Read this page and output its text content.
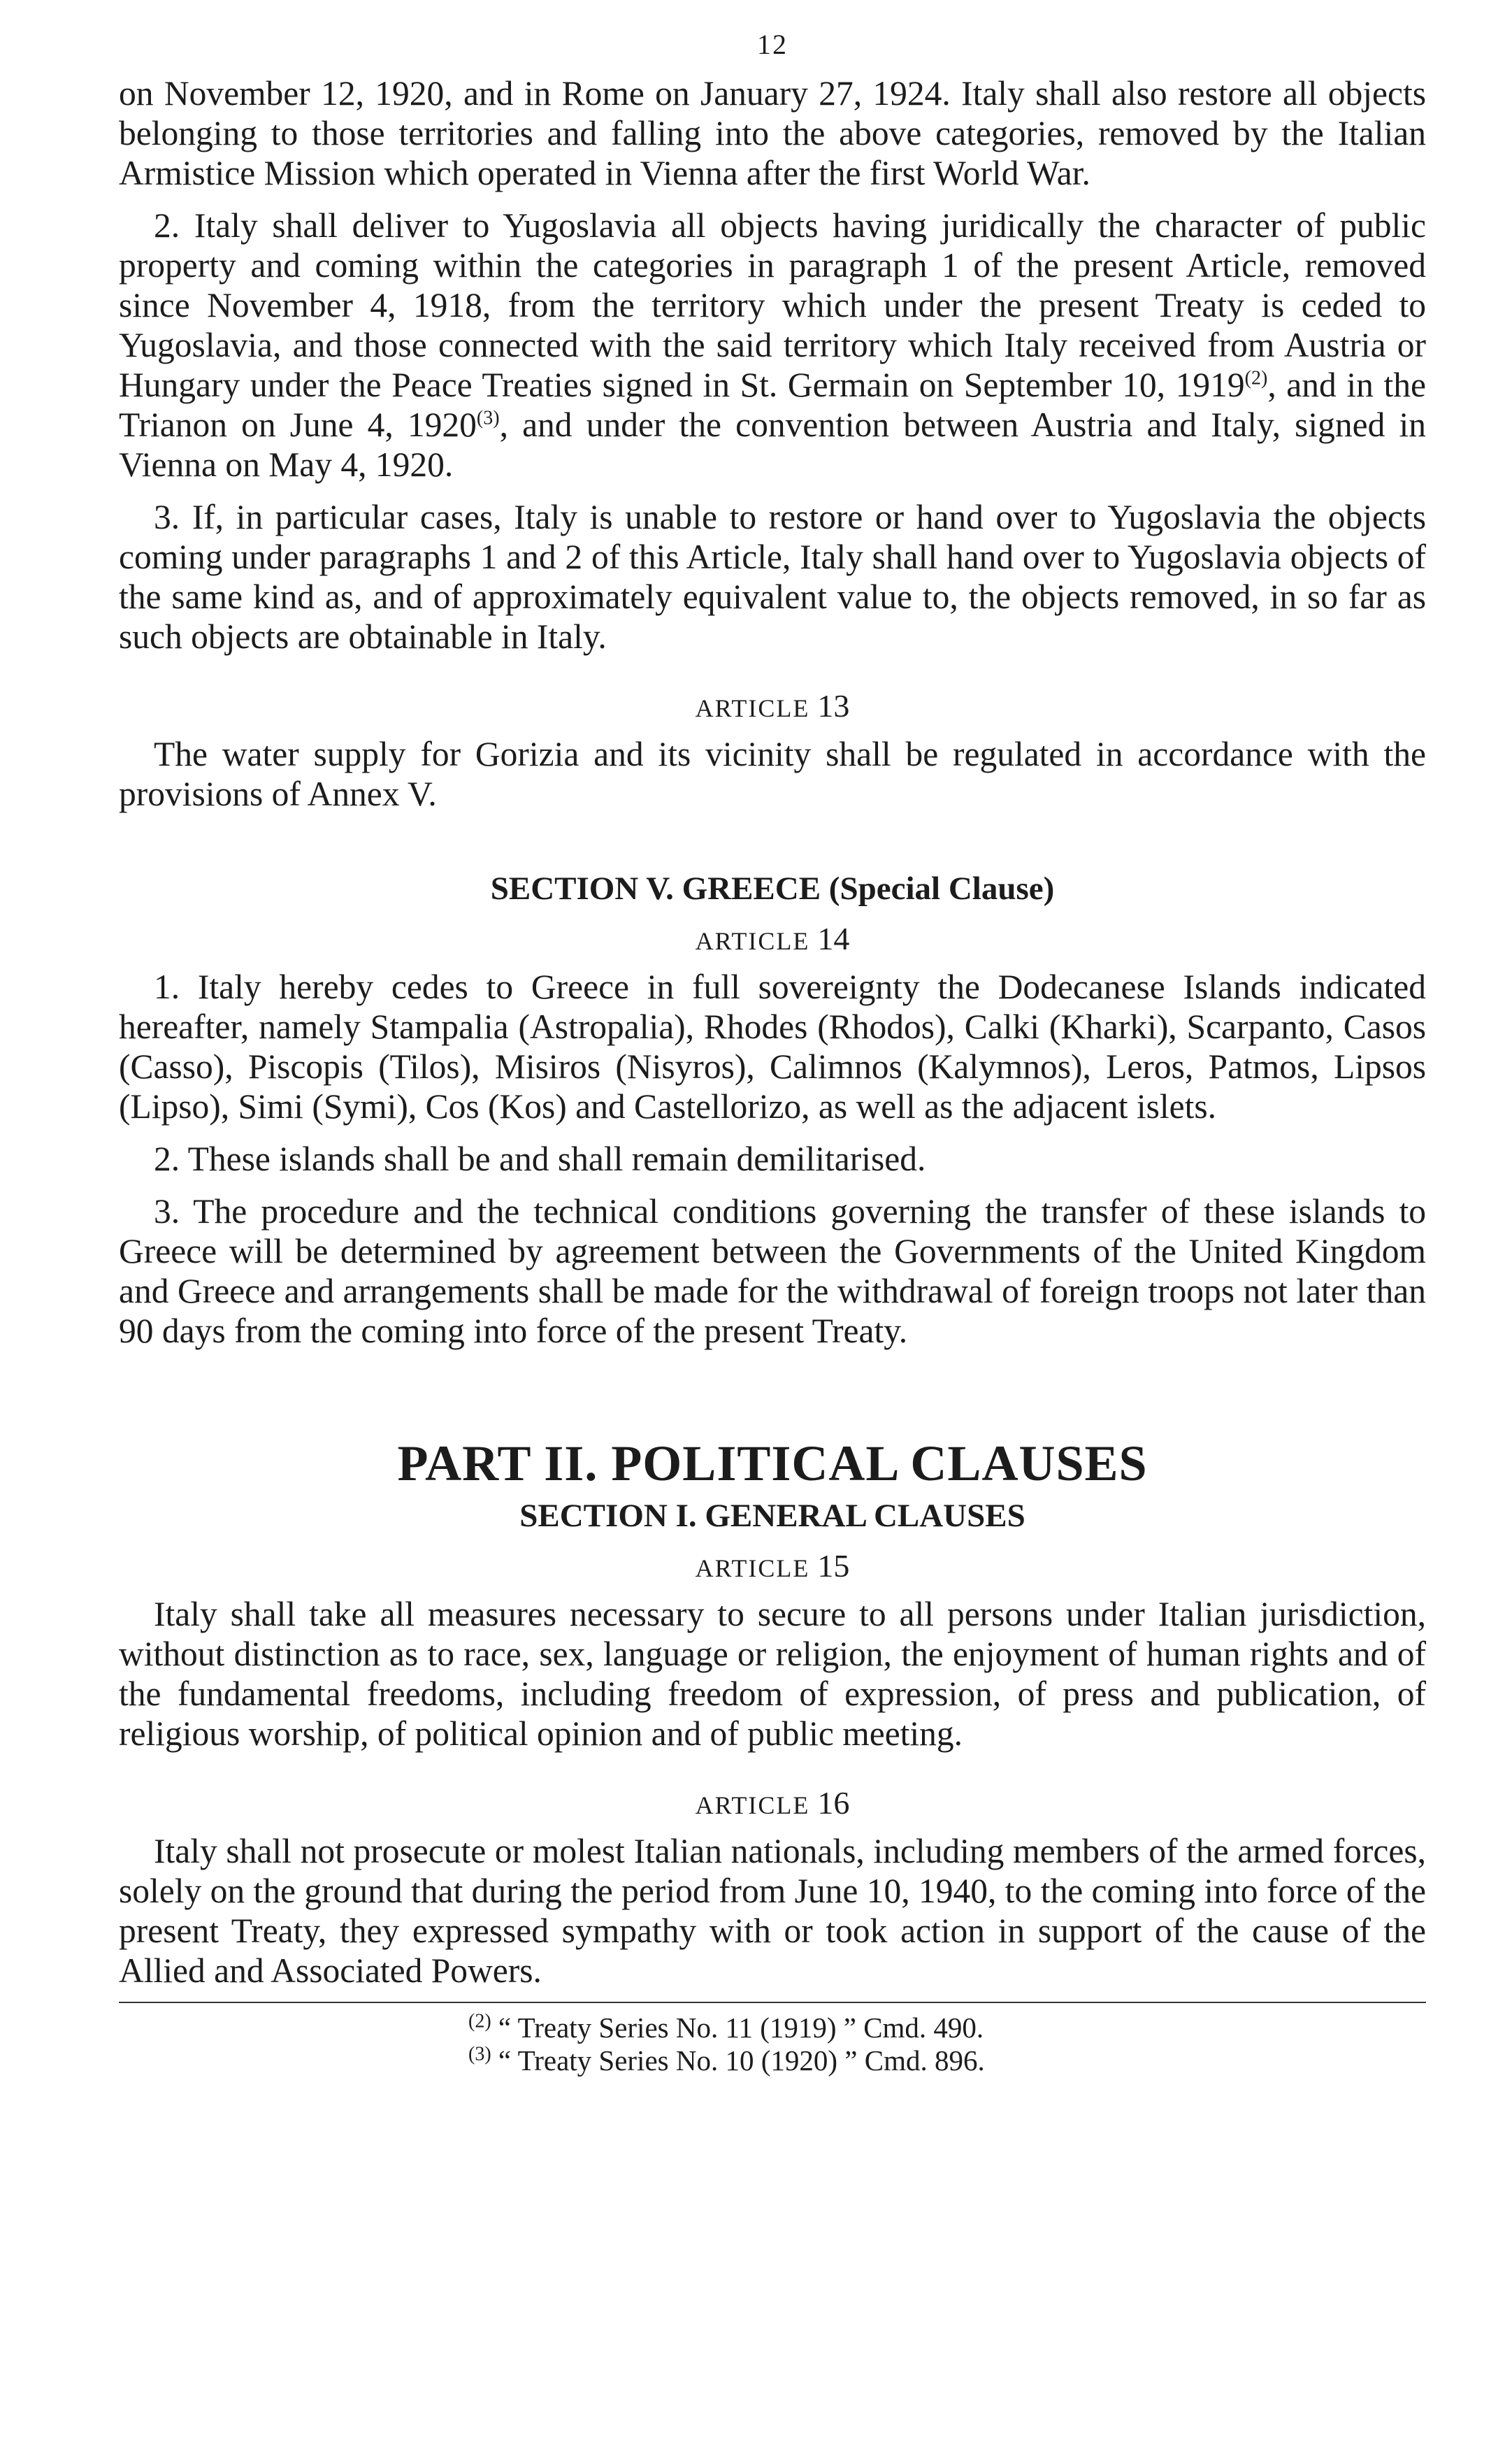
12

on November 12, 1920, and in Rome on January 27, 1924. Italy shall also restore all objects belonging to those territories and falling into the above categories, removed by the Italian Armistice Mission which operated in Vienna after the first World War.

2. Italy shall deliver to Yugoslavia all objects having juridically the character of public property and coming within the categories in paragraph 1 of the present Article, removed since November 4, 1918, from the territory which under the present Treaty is ceded to Yugoslavia, and those connected with the said territory which Italy received from Austria or Hungary under the Peace Treaties signed in St. Germain on September 10, 1919$^{(2)}$, and in the Trianon on June 4, 1920$^{(3)}$, and under the convention between Austria and Italy, signed in Vienna on May 4, 1920.

3. If, in particular cases, Italy is unable to restore or hand over to Yugoslavia the objects coming under paragraphs 1 and 2 of this Article, Italy shall hand over to Yugoslavia objects of the same kind as, and of approximately equivalent value to, the objects removed, in so far as such objects are obtainable in Italy.

ARTICLE 13

The water supply for Gorizia and its vicinity shall be regulated in accordance with the provisions of Annex V.

SECTION V. GREECE (Special Clause)
ARTICLE 14

1. Italy hereby cedes to Greece in full sovereignty the Dodecanese Islands indicated hereafter, namely Stampalia (Astropalia), Rhodes (Rhodos), Calki (Kharki), Scarpanto, Casos (Casso), Piscopis (Tilos), Misiros (Nisyros), Calimnos (Kalymnos), Leros, Patmos, Lipsos (Lipso), Simi (Symi), Cos (Kos) and Castellorizo, as well as the adjacent islets.

2. These islands shall be and shall remain demilitarised.

3. The procedure and the technical conditions governing the transfer of these islands to Greece will be determined by agreement between the Governments of the United Kingdom and Greece and arrangements shall be made for the withdrawal of foreign troops not later than 90 days from the coming into force of the present Treaty.

PART II. POLITICAL CLAUSES
SECTION I. GENERAL CLAUSES
ARTICLE 15

Italy shall take all measures necessary to secure to all persons under Italian jurisdiction, without distinction as to race, sex, language or religion, the enjoyment of human rights and of the fundamental freedoms, including freedom of expression, of press and publication, of religious worship, of political opinion and of public meeting.

ARTICLE 16

Italy shall not prosecute or molest Italian nationals, including members of the armed forces, solely on the ground that during the period from June 10, 1940, to the coming into force of the present Treaty, they expressed sympathy with or took action in support of the cause of the Allied and Associated Powers.

$^{(2)}$ “ Treaty Series No. 11 (1919) ” Cmd. 490.
$^{(3)}$ “ Treaty Series No. 10 (1920) ” Cmd. 896.
